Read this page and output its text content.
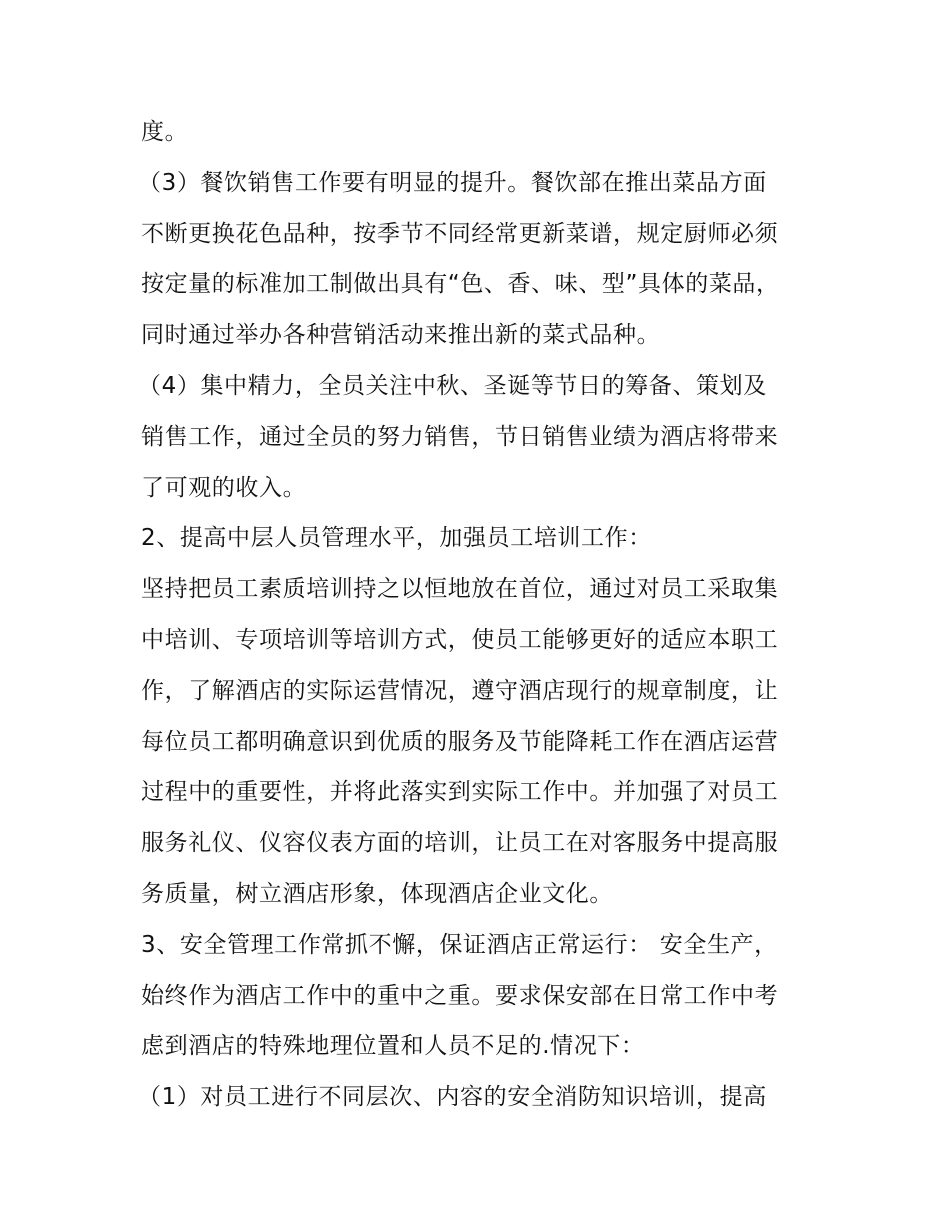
度。
（3）餐饮销售工作要有明显的提升。餐饮部在推出菜品方面
不断更换花色品种，按季节不同经常更新菜谱，规定厨师必须
按定量的标准加工制做出具有“色、香、味、型”具体的菜品，
同时通过举办各种营销活动来推出新的菜式品种。
（4）集中精力，全员关注中秋、圣诞等节日的筹备、策划及
销售工作，通过全员的努力销售，节日销售业绩为酒店将带来
了可观的收入。
2、提高中层人员管理水平，加强员工培训工作：
坚持把员工素质培训持之以恒地放在首位，通过对员工采取集
中培训、专项培训等培训方式，使员工能够更好的适应本职工
作，了解酒店的实际运营情况，遵守酒店现行的规章制度，让
每位员工都明确意识到优质的服务及节能降耗工作在酒店运营
过程中的重要性，并将此落实到实际工作中。并加强了对员工
服务礼仪、仪容仪表方面的培训，让员工在对客服务中提高服
务质量，树立酒店形象，体现酒店企业文化。
3、安全管理工作常抓不懈，保证酒店正常运行： 安全生产，
始终作为酒店工作中的重中之重。要求保安部在日常工作中考
虑到酒店的特殊地理位置和人员不足的.情况下：
（1）对员工进行不同层次、内容的安全消防知识培训，提高
